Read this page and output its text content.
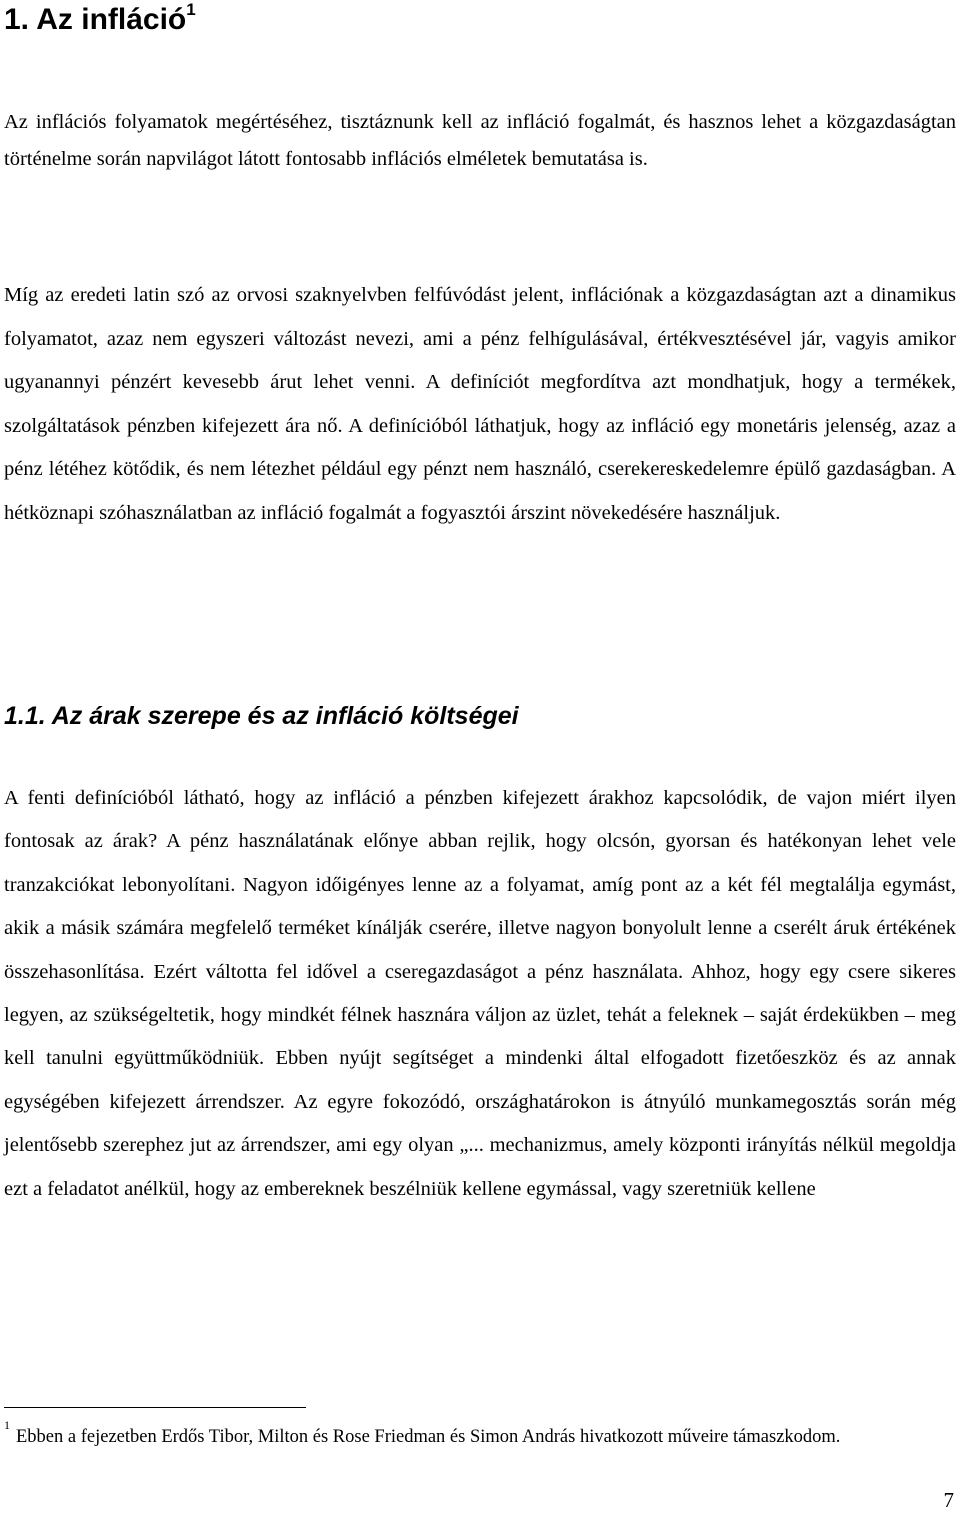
1. Az infláció$^1$

Az inflációs folyamatok megértéséhez, tisztáznunk kell az infláció fogalmát, és hasznos lehet a közgazdaságtan történelme során napvilágot látott fontosabb inflációs elméletek bemutatása is.

Míg az eredeti latin szó az orvosi szaknyelvben felfúvódást jelent, inflációnak a közgazdaságtan azt a dinamikus folyamatot, azaz nem egyszeri változást nevezi, ami a pénz felhígulásával, értékvesztésével jár, vagyis amikor ugyanannyi pénzért kevesebb árut lehet venni. A definíciót megfordítva azt mondhatjuk, hogy a termékek, szolgáltatások pénzben kifejezett ára nő. A definícióból láthatjuk, hogy az infláció egy monetáris jelenség, azaz a pénz létéhez kötődik, és nem létezhet például egy pénzt nem használó, cserekereskedelemre épülő gazdaságban. A hétköznapi szóhasználatban az infláció fogalmát a fogyasztói árszint növekedésére használjuk.

1.1. Az árak szerepe és az infláció költségei

A fenti definícióból látható, hogy az infláció a pénzben kifejezett árakhoz kapcsolódik, de vajon miért ilyen fontosak az árak? A pénz használatának előnye abban rejlik, hogy olcsón, gyorsan és hatékonyan lehet vele tranzakciókat lebonyolítani. Nagyon időigényes lenne az a folyamat, amíg pont az a két fél megtalálja egymást, akik a másik számára megfelelő terméket kínálják cserére, illetve nagyon bonyolult lenne a cserélt áruk értékének összehasonlítása. Ezért váltotta fel idővel a cseregazdaságot a pénz használata. Ahhoz, hogy egy csere sikeres legyen, az szükségeltetik, hogy mindkét félnek hasznára váljon az üzlet, tehát a feleknek – saját érdekükben – meg kell tanulni együttműködniük. Ebben nyújt segítséget a mindenki által elfogadott fizetőeszköz és az annak egységében kifejezett árrendszer. Az egyre fokozódó, országhatárokon is átnyúló munkamegosztás során még jelentősebb szerephez jut az árrendszer, ami egy olyan „... mechanizmus, amely központi irányítás nélkül megoldja ezt a feladatot anélkül, hogy az embereknek beszélniük kellene egymással, vagy szeretniük kellene

$^1$Ebben a fejezetben Erdős Tibor, Milton és Rose Friedman és Simon András hivatkozott műveire támaszkodom.

7
